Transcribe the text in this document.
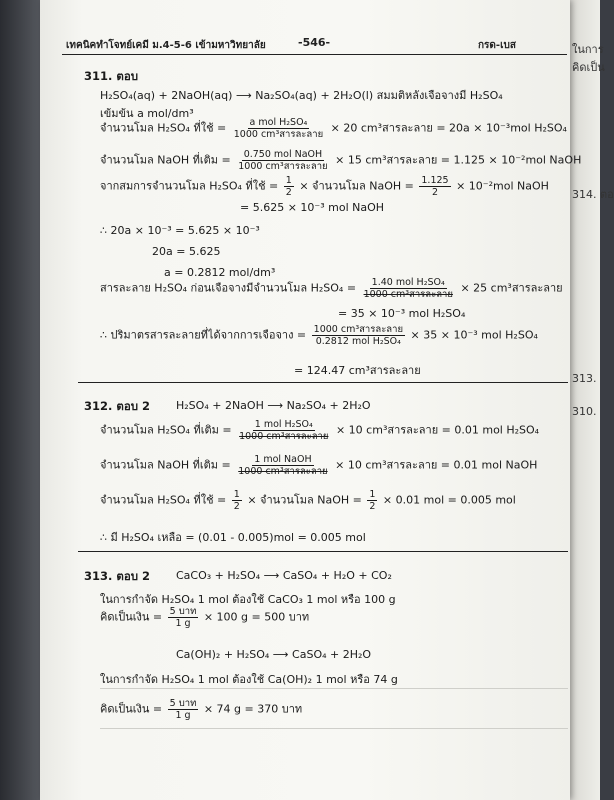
ในการ
คิดเป็น
314. ตอ
310.
313.
เทคนิคทำโจทย์เคมี ม.4-5-6 เข้ามหาวิทยาลัย	-546-	กรด-เบส
311. ตอบ
H₂SO₄(aq) + 2NaOH(aq) ⟶ Na₂SO₄(aq) + 2H₂O(l) สมมติหลังเจือจางมี H₂SO₄
เข้มข้น a mol/dm³
จำนวนโมล H₂SO₄ ที่ใช้ = $\frac{\text{a mol H₂SO₄}}{\text{1000 cm³สารละลาย}} \times 20$ cm³สารละลาย = 20a × 10⁻³mol H₂SO₄
จำนวนโมล NaOH ที่เติม = $\frac{\text{0.750 mol NaOH}}{\text{1000 cm³สารละลาย}} \times 15$ cm³สารละลาย = 1.125 × 10⁻²mol NaOH
จากสมการจำนวนโมล H₂SO₄ ที่ใช้ = $\frac{1}{2}$ × จำนวนโมล NaOH = $\frac{1.125}{2} \times 10^{-2}mol$ NaOH
= 5.625 × 10⁻³ mol NaOH
∴ 20a × 10⁻³ = 5.625 × 10⁻³
20a = 5.625
a = 0.2812 mol/dm³
สารละลาย H₂SO₄ ก่อนเจือจางมีจำนวนโมล $H_2SO_4 = \frac{\text{1.40 mol H₂SO₄}}{\text{1000 cm³สารละลาย}} \times 25$ cm³สารละลาย
= 35 × 10⁻³ mol H₂SO₄
∴ ปริมาตรสารละลายที่ได้จากการเจือจาง = $\frac{\text{1000 cm³สารละลาย}}{\text{0.2812 mol H₂SO₄}} \times 35 \times 10^{-3}$ mol H₂SO₄
= 124.47 cm³สารละลาย
312. ตอบ 2 H₂SO₄ + 2NaOH ⟶ Na₂SO₄ + 2H₂O
จำนวนโมล H₂SO₄ ที่เติม = $\frac{\text{1 mol H₂SO₄}}{\text{1000 cm³สารละลาย}} \times 10$ cm³สารละลาย = 0.01 mol H₂SO₄
จำนวนโมล NaOH ที่เติม = $\frac{\text{1 mol NaOH}}{\text{1000 cm³สารละลาย}} \times 10$ cm³สารละลาย = 0.01 mol NaOH
จำนวนโมล H₂SO₄ ที่ใช้ = $\frac{1}{2}$ × จำนวนโมล NaOH = $\frac{1}{2} \times 0.01$ mol = 0.005 mol
∴ มี H₂SO₄ เหลือ = (0.01 - 0.005)mol = 0.005 mol
313. ตอบ 2 CaCO₃ + H₂SO₄ ⟶ CaSO₄ + H₂O + CO₂
ในการกำจัด H₂SO₄ 1 mol ต้องใช้ CaCO₃ 1 mol หรือ 100 g
คิดเป็นเงิน = $\frac{\text{5 บาท}}{1 g} \times 100$ g = 500 บาท
Ca(OH)₂ + H₂SO₄ ⟶ CaSO₄ + 2H₂O
ในการกำจัด H₂SO₄ 1 mol ต้องใช้ Ca(OH)₂ 1 mol หรือ 74 g
คิดเป็นเงิน = $\frac{\text{5 บาท}}{1 g} \times 74$ g = 370 บาท
